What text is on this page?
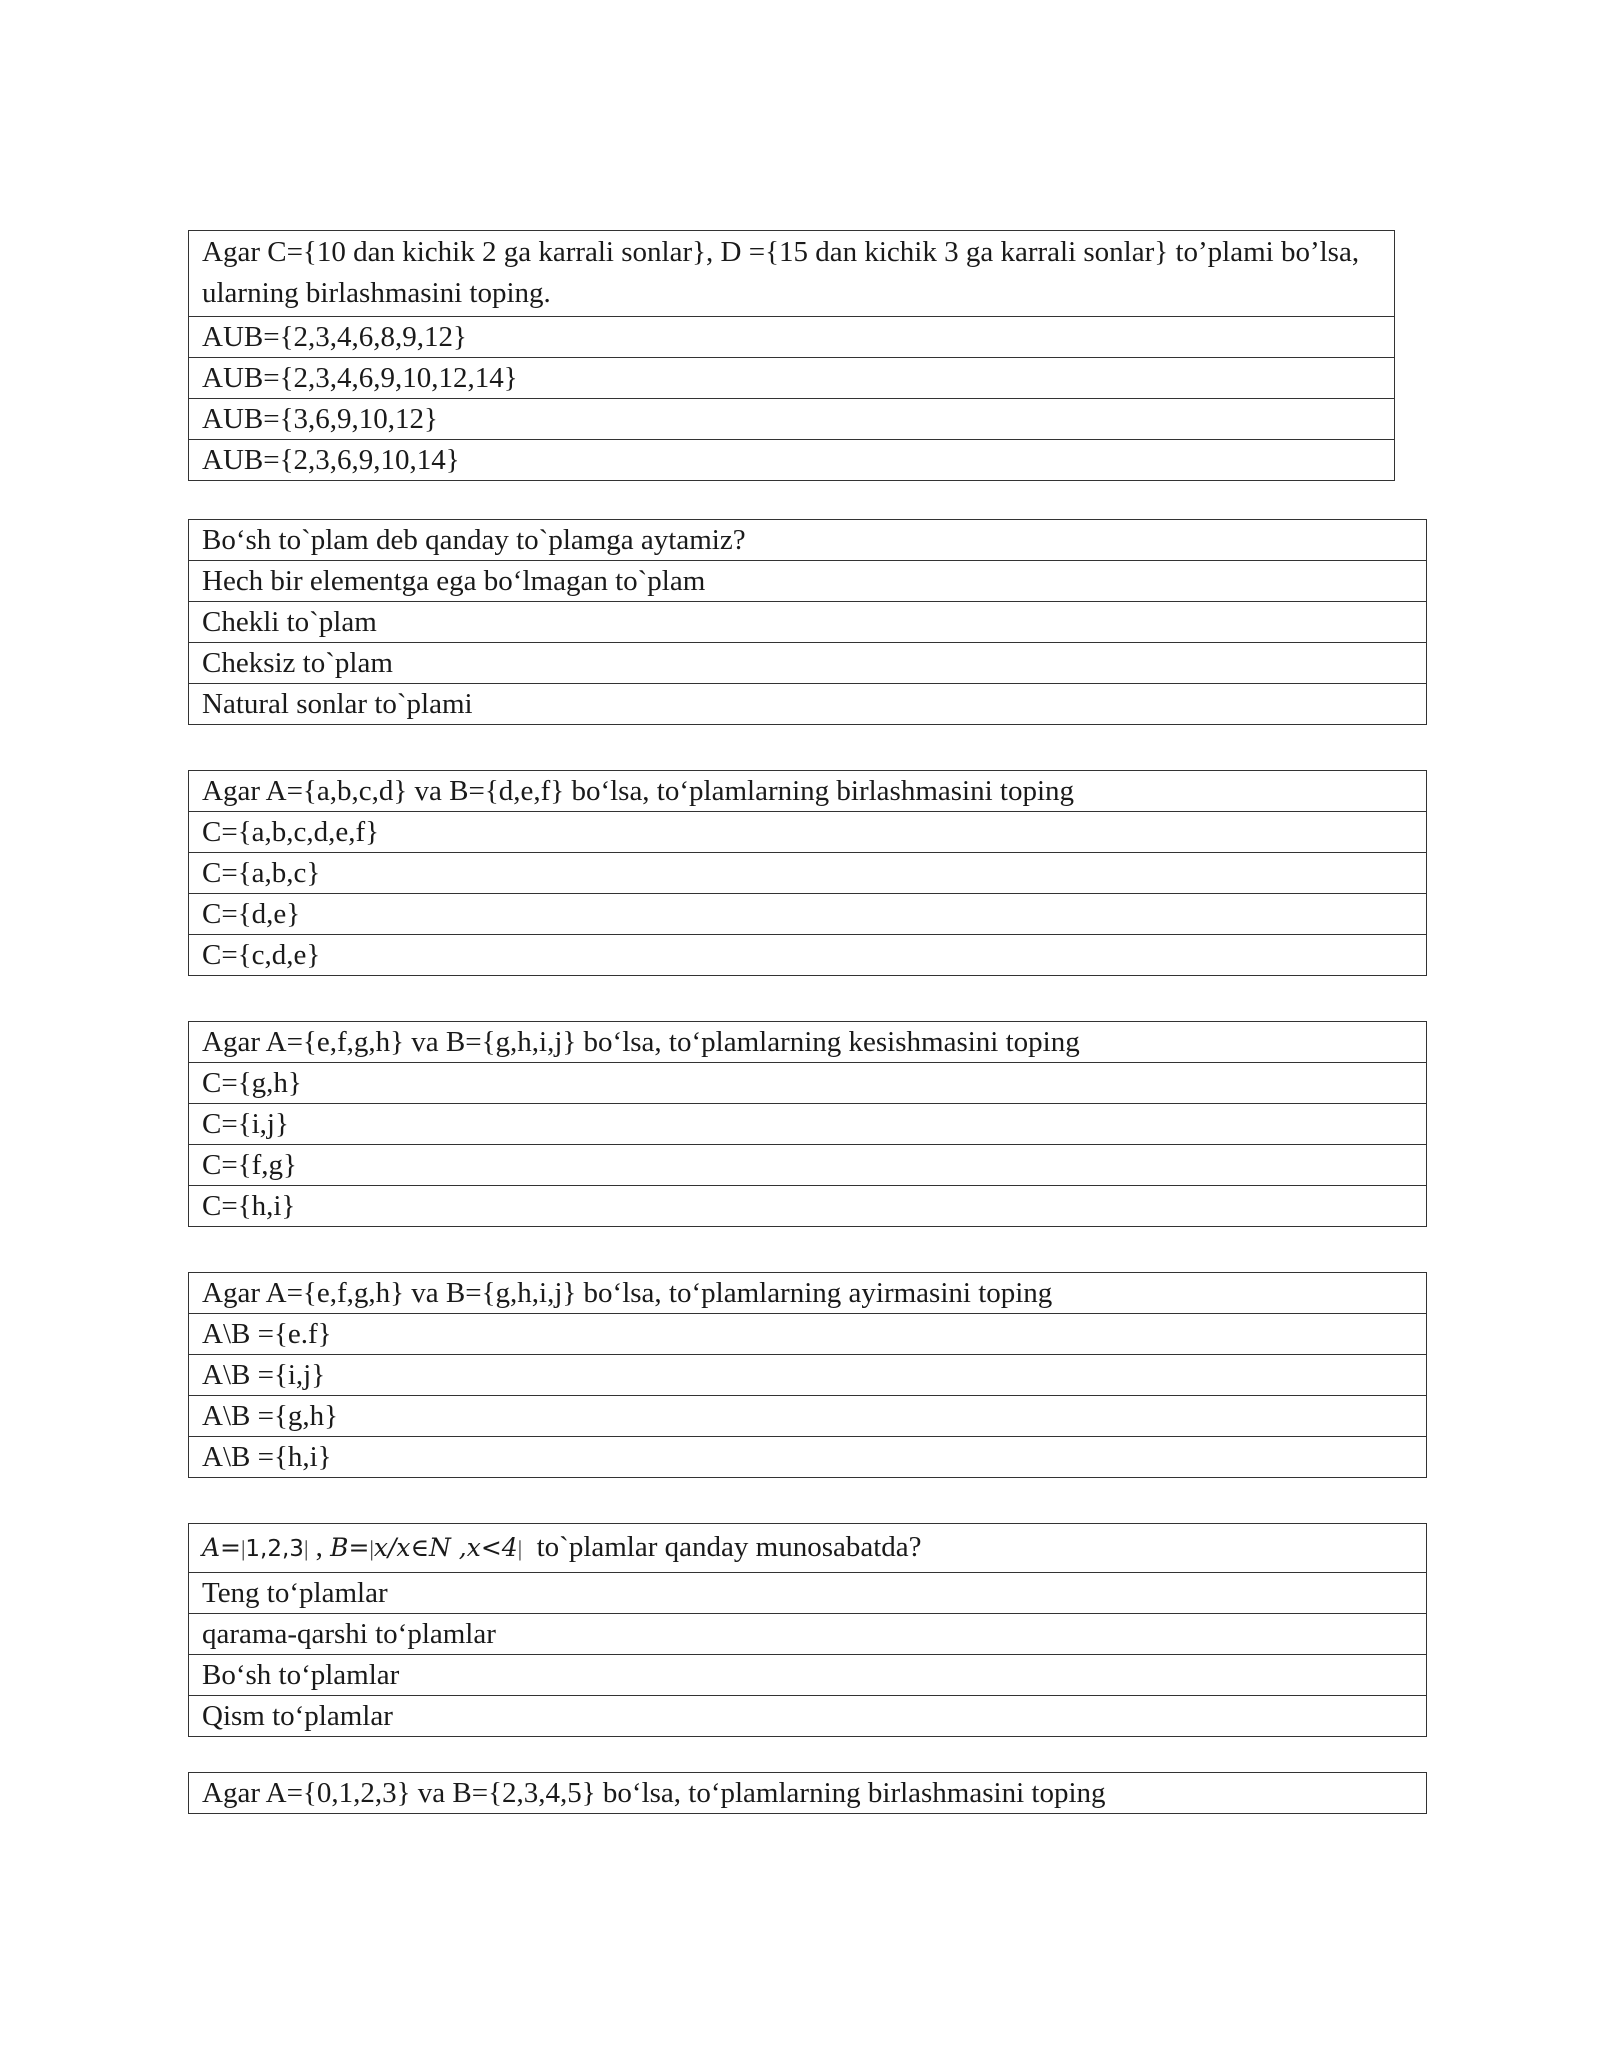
Agar C={10 dan kichik 2 ga karrali sonlar}, D ={15 dan kichik 3 ga karrali sonlar} to’plami bo’lsa, ularning birlashmasini toping.
AUB={2,3,4,6,8,9,12}
AUB={2,3,4,6,9,10,12,14}
AUB={3,6,9,10,12}
AUB={2,3,6,9,10,14}
Bo‘sh to`plam deb qanday to`plamga aytamiz?
Hech bir elementga ega bo‘lmagan to`plam
Chekli to`plam
Cheksiz to`plam
Natural sonlar to`plami
Agar A={a,b,c,d} va B={d,e,f} bo‘lsa, to‘plamlarning birlashmasini toping
C={a,b,c,d,e,f}
C={a,b,c}
C={d,e}
C={c,d,e}
Agar A={e,f,g,h} va B={g,h,i,j} bo‘lsa, to‘plamlarning kesishmasini toping
C={g,h}
C={i,j}
C={f,g}
C={h,i}
Agar A={e,f,g,h} va B={g,h,i,j} bo‘lsa, to‘plamlarning ayirmasini toping
A\B ={e.f}
A\B ={i,j}
A\B ={g,h}
A\B ={h,i}
A=|1,2,3| , B=|x/x∈N ,x<4| to`plamlar qanday munosabatda?
Teng to‘plamlar
qarama-qarshi to‘plamlar
Bo‘sh to‘plamlar
Qism to‘plamlar
Agar A={0,1,2,3} va B={2,3,4,5} bo‘lsa, to‘plamlarning birlashmasini toping
